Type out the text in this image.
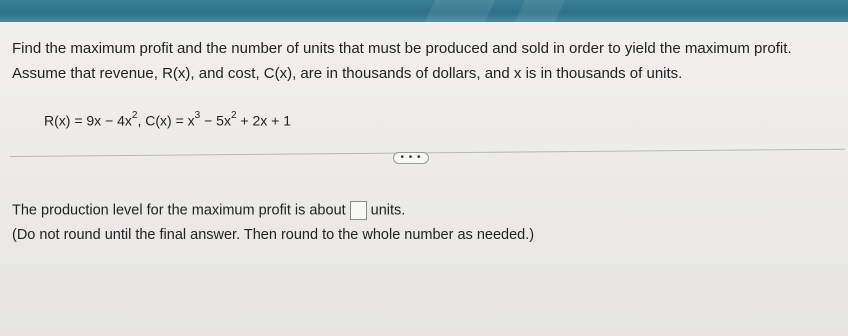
Find the maximum profit and the number of units that must be produced and sold in order to yield the maximum profit.
Assume that revenue, R(x), and cost, C(x), are in thousands of dollars, and x is in thousands of units.
$R(x) = 9x - 4x^2$, $C(x) = x^3 - 5x^2 + 2x + 1$
• • •
The production level for the maximum profit is about units.
(Do not round until the final answer. Then round to the whole number as needed.)
